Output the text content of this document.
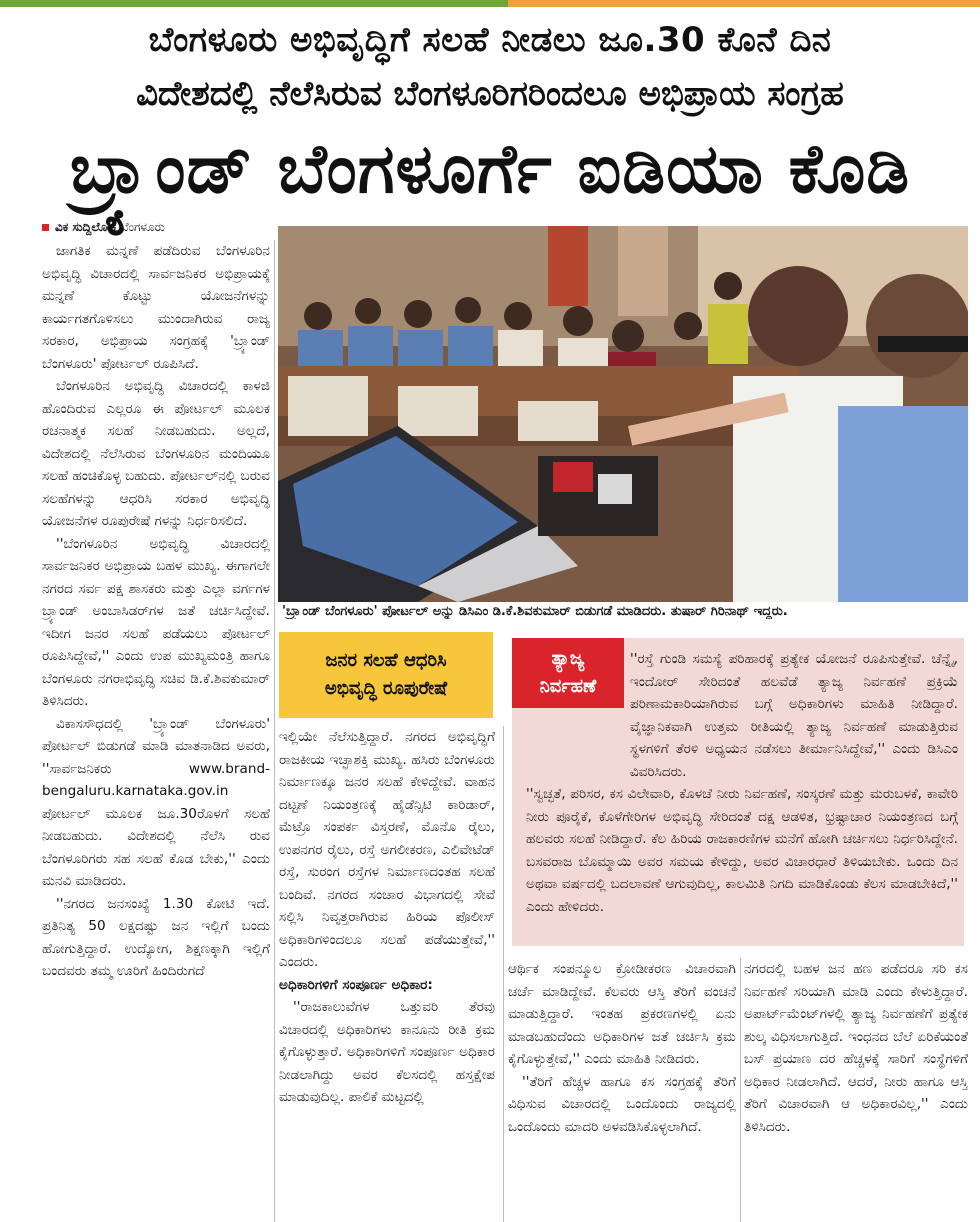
ಬೆಂಗಳೂರು ಅಭಿವೃದ್ಧಿಗೆ ಸಲಹೆ ನೀಡಲು ಜೂ.30 ಕೊನೆ ದಿನ
ವಿದೇಶದಲ್ಲಿ ನೆಲೆಸಿರುವ ಬೆಂಗಳೂರಿಗರಿಂದಲೂ ಅಭಿಪ್ರಾಯ ಸಂಗ್ರಹ
ಬ್ರ್ಯಾಂಡ್ ಬೆಂಗಳೂರ್ಗೆ ಐಡಿಯಾ ಕೊಡಿ
ವಿಕ ಸುದ್ದಿಲೋಕ ಬೆಂಗಳೂರು

ಜಾಗತಿಕ ಮನ್ನಣೆ ಪಡೆದಿರುವ ಬೆಂಗಳೂರಿನ ಅಭಿವೃದ್ಧಿ ವಿಚಾರದಲ್ಲಿ ಸಾರ್ವಜನಿಕರ ಅಭಿಪ್ರಾಯಕ್ಕೆ ಮನ್ನಣೆ ಕೊಟ್ಟು ಯೋಜನೆಗಳನ್ನು ಕಾರ್ಯಗತಗೊಳಿಸಲು ಮುಂದಾಗಿರುವ ರಾಜ್ಯ ಸರಕಾರ, ಅಭಿಪ್ರಾಯ ಸಂಗ್ರಹಕ್ಕೆ 'ಬ್ರ್ಯಾಂಡ್ ಬೆಂಗಳೂರು' ಪೋರ್ಟಲ್ ರೂಪಿಸಿದೆ.

ಬೆಂಗಳೂರಿನ ಅಭಿವೃದ್ಧಿ ವಿಚಾರದಲ್ಲಿ ಕಾಳಜಿ ಹೊಂದಿರುವ ಎಲ್ಲರೂ ಈ ಪೋರ್ಟಲ್ ಮೂಲಕ ರಚನಾತ್ಮಕ ಸಲಹೆ ನೀಡಬಹುದು. ಅಲ್ಲದೆ, ವಿದೇಶದಲ್ಲಿ ನೆಲೆಸಿರುವ ಬೆಂಗಳೂರಿನ ಮಂದಿಯೂ ಸಲಹೆ ಹಂಚಿಕೊಳ್ಳ ಬಹುದು. ಪೋರ್ಟಲ್‌ನಲ್ಲಿ ಬರುವ ಸಲಹೆಗಳನ್ನು ಆಧರಿಸಿ ಸರಕಾರ ಅಭಿವೃದ್ಧಿ ಯೋಜನೆಗಳ ರೂಪುರೇಷೆ ಗಳನ್ನು ನಿರ್ಧರಿಸಲಿದೆ.

''ಬೆಂಗಳೂರಿನ ಅಭಿವೃದ್ಧಿ ವಿಚಾರದಲ್ಲಿ ಸಾರ್ವಜನಿಕರ ಅಭಿಪ್ರಾಯ ಬಹಳ ಮುಖ್ಯ. ಈಗಾಗಲೇ ನಗರದ ಸರ್ವ ಪಕ್ಷ ಶಾಸಕರು ಮತ್ತು ಎಲ್ಲಾ ವರ್ಗಗಳ ಬ್ರ್ಯಾಂಡ್ ಅಂಬಾಸಿಡರ್‌ಗಳ ಜತೆ ಚರ್ಚಿಸಿದ್ದೇವೆ. ಇದೀಗ ಜನರ ಸಲಹೆ ಪಡೆಯಲು ಪೋರ್ಟಲ್ ರೂಪಿಸಿದ್ದೇವೆ,'' ಎಂದು ಉಪ ಮುಖ್ಯಮಂತ್ರಿ ಹಾಗೂ ಬೆಂಗಳೂರು ನಗರಾಭಿವೃದ್ಧಿ ಸಚಿವ ಡಿ.ಕೆ.ಶಿವಕುಮಾರ್ ತಿಳಿಸಿದರು.

ವಿಕಾಸಸೌಧದಲ್ಲಿ 'ಬ್ರ್ಯಾಂಡ್ ಬೆಂಗಳೂರು' ಪೋರ್ಟಲ್ ಬಿಡುಗಡೆ ಮಾಡಿ ಮಾತನಾಡಿದ ಅವರು, ''ಸಾರ್ವಜನಿಕರು www.brand-bengaluru.karnataka.gov.in ಪೋರ್ಟಲ್ ಮೂಲಕ ಜೂ.30ರೊಳಗೆ ಸಲಹೆ ನೀಡಬಹುದು. ವಿದೇಶದಲ್ಲಿ ನೆಲೆಸಿ ರುವ ಬೆಂಗಳೂರಿಗರು ಸಹ ಸಲಹೆ ಕೊಡ ಬೇಕು,'' ಎಂದು ಮನವಿ ಮಾಡಿದರು.

''ನಗರದ ಜನಸಂಖ್ಯೆ 1.30 ಕೋಟಿ ಇದೆ. ಪ್ರತಿನಿತ್ಯ 50 ಲಕ್ಷದಷ್ಟು ಜನ ಇಲ್ಲಿಗೆ ಬಂದು ಹೋಗುತ್ತಿದ್ದಾರೆ. ಉದ್ಯೋಗ, ಶಿಕ್ಷಣಕ್ಕಾಗಿ ಇಲ್ಲಿಗೆ ಬಂದವರು ತಮ್ಮ ಊರಿಗೆ ಹಿಂದಿರುಗದೆ

'ಬ್ರ್ಯಾಂಡ್ ಬೆಂಗಳೂರು' ಪೋರ್ಟಲ್ ಅನ್ನು ಡಿಸಿಎಂ ಡಿ.ಕೆ.ಶಿವಕುಮಾರ್ ಬಿಡುಗಡೆ ಮಾಡಿದರು. ತುಷಾರ್ ಗಿರಿನಾಥ್ ಇದ್ದರು.
ಜನರ ಸಲಹೆ ಆಧರಿಸಿ
ಅಭಿವೃದ್ಧಿ ರೂಪುರೇಷೆ

ಇಲ್ಲಿಯೇ ನೆಲೆಸುತ್ತಿದ್ದಾರೆ. ನಗರದ ಅಭಿವೃದ್ಧಿಗೆ ರಾಜಕೀಯ ಇಚ್ಛಾಶಕ್ತಿ ಮುಖ್ಯ. ಹಸಿರು ಬೆಂಗಳೂರು ನಿರ್ಮಾಣಕ್ಕೂ ಜನರ ಸಲಹೆ ಕೇಳಿದ್ದೇವೆ. ವಾಹನ ದಟ್ಟಣೆ ನಿಯಂತ್ರಣಕ್ಕೆ ಹೈಡೆನ್ಸಿಟಿ ಕಾರಿಡಾರ್, ಮೆಟ್ರೊ ಸಂಪರ್ಕ ವಿಸ್ತರಣೆ, ಮೊನೊ ರೈಲು, ಉಪನಗರ ರೈಲು, ರಸ್ತೆ ಅಗಲೀಕರಣ, ಎಲಿವೇಟೆಡ್ ರಸ್ತೆ, ಸುರಂಗ ರಸ್ತೆಗಳ ನಿರ್ಮಾಣದಂತಹ ಸಲಹೆ ಬಂದಿವೆ. ನಗರದ ಸಂಚಾರ ವಿಭಾಗದಲ್ಲಿ ಸೇವೆ ಸಲ್ಲಿಸಿ ನಿವೃತ್ತರಾಗಿರುವ ಹಿರಿಯ ಪೊಲೀಸ್ ಅಧಿಕಾರಿಗಳಿಂದಲೂ ಸಲಹೆ ಪಡೆಯುತ್ತೇವೆ,'' ಎಂದರು.

ಅಧಿಕಾರಿಗಳಿಗೆ ಸಂಪೂರ್ಣ ಅಧಿಕಾರ:

''ರಾಜಕಾಲುವೆಗಳ ಒತ್ತುವರಿ ತೆರವು ವಿಚಾರದಲ್ಲಿ ಅಧಿಕಾರಿಗಳು ಕಾನೂನು ರೀತಿ ಕ್ರಮ ಕೈಗೊಳ್ಳುತ್ತಾರೆ. ಅಧಿಕಾರಿಗಳಿಗೆ ಸಂಪೂರ್ಣ ಅಧಿಕಾರ ನೀಡಲಾಗಿದ್ದು ಅವರ ಕೆಲಸದಲ್ಲಿ ಹಸ್ತಕ್ಷೇಪ ಮಾಡುವುದಿಲ್ಲ. ಪಾಲಿಕೆ ಮಟ್ಟದಲ್ಲಿ

ತ್ಯಾಜ್ಯ
ನಿರ್ವಹಣೆ

''ರಸ್ತೆ ಗುಂಡಿ ಸಮಸ್ಯೆ ಪರಿಹಾರಕ್ಕೆ ಪ್ರತ್ಯೇಕ ಯೋಜನೆ ರೂಪಿಸುತ್ತೇವೆ. ಚೆನ್ನೈ, ಇಂದೋರ್ ಸೇರಿದಂತೆ ಹಲವೆಡೆ ತ್ಯಾಜ್ಯ ನಿರ್ವಹಣೆ ಪ್ರಕ್ರಿಯೆ ಪರಿಣಾಮಕಾರಿಯಾಗಿರುವ ಬಗ್ಗೆ ಅಧಿಕಾರಿಗಳು ಮಾಹಿತಿ ನೀಡಿದ್ದಾರೆ. ವೈಜ್ಞಾನಿಕವಾಗಿ ಉತ್ತಮ ರೀತಿಯಲ್ಲಿ ತ್ಯಾಜ್ಯ ನಿರ್ವಹಣೆ ಮಾಡುತ್ತಿರುವ ಸ್ಥಳಗಳಿಗೆ ತೆರಳಿ ಅಧ್ಯಯನ ನಡೆಸಲು ತೀರ್ಮಾನಿಸಿದ್ದೇವೆ,'' ಎಂದು ಡಿಸಿಎಂ ವಿವರಿಸಿದರು.

''ಸ್ವಚ್ಛತೆ, ಪರಿಸರ, ಕಸ ವಿಲೇವಾರಿ, ಕೊಳಚೆ ನೀರು ನಿರ್ವಹಣೆ, ಸಂಸ್ಕರಣೆ ಮತ್ತು ಮರುಬಳಕೆ, ಕಾವೇರಿ ನೀರು ಪೂರೈಕೆ, ಕೊಳೆಗೇರಿಗಳ ಅಭಿವೃದ್ಧಿ ಸೇರಿದಂತೆ ದಕ್ಷ ಆಡಳಿತ, ಭ್ರಷ್ಟಾಚಾರ ನಿಯಂತ್ರಣದ ಬಗ್ಗೆ ಹಲವರು ಸಲಹೆ ನೀಡಿದ್ದಾರೆ. ಕೆಲ ಹಿರಿಯ ರಾಜಕಾರಣಿಗಳ ಮನೆಗೆ ಹೋಗಿ ಚರ್ಚಿಸಲು ನಿರ್ಧರಿಸಿದ್ದೇನೆ. ಬಸವರಾಜ ಬೊಮ್ಮಾಯಿ ಅವರ ಸಮಯ ಕೇಳಿದ್ದು, ಅವರ ವಿಚಾರಧಾರೆ ತಿಳಿಯಬೇಕು. ಒಂದು ದಿನ ಅಥವಾ ವರ್ಷದಲ್ಲಿ ಬದಲಾವಣೆ ಆಗುವುದಿಲ್ಲ, ಕಾಲಮಿತಿ ನಿಗದಿ ಮಾಡಿಕೊಂಡು ಕೆಲಸ ಮಾಡಬೇಕಿದೆ,'' ಎಂದು ಹೇಳಿದರು.

ಆರ್ಥಿಕ ಸಂಪನ್ಮೂಲ ಕ್ರೋಡೀಕರಣ ವಿಚಾರವಾಗಿ ಚರ್ಚೆ ಮಾಡಿದ್ದೇವೆ. ಕೆಲವರು ಆಸ್ತಿ ತೆರಿಗೆ ವಂಚನೆ ಮಾಡುತ್ತಿದ್ದಾರೆ. ಇಂತಹ ಪ್ರಕರಣಗಳಲ್ಲಿ ಏನು ಮಾಡಬಹುದೆಂದು ಅಧಿಕಾರಿಗಳ ಜತೆ ಚರ್ಚಿಸಿ ಕ್ರಮ ಕೈಗೊಳ್ಳುತ್ತೇವೆ,'' ಎಂದು ಮಾಹಿತಿ ನೀಡಿದರು.

''ತೆರಿಗೆ ಹೆಚ್ಚಳ ಹಾಗೂ ಕಸ ಸಂಗ್ರಹಕ್ಕೆ ತೆರಿಗೆ ವಿಧಿಸುವ ವಿಚಾರದಲ್ಲಿ ಒಂದೊಂದು ರಾಜ್ಯದಲ್ಲಿ ಒಂದೊಂದು ಮಾದರಿ ಅಳವಡಿಸಿಕೊಳ್ಳಲಾಗಿದೆ.

ನಗರದಲ್ಲಿ ಬಹಳ ಜನ ಹಣ ಪಡೆದರೂ ಸರಿ ಕಸ ನಿರ್ವಹಣೆ ಸರಿಯಾಗಿ ಮಾಡಿ ಎಂದು ಕೇಳುತ್ತಿದ್ದಾರೆ. ಅಪಾರ್ಟ್‌ಮೆಂಟ್‌ಗಳಲ್ಲಿ ತ್ಯಾಜ್ಯ ನಿರ್ವಹಣೆಗೆ ಪ್ರತ್ಯೇಕ ಶುಲ್ಕ ವಿಧಿಸಲಾಗುತ್ತಿದೆ. ಇಂಧನದ ಬೆಲೆ ಏರಿಕೆಯಂತೆ ಬಸ್ ಪ್ರಯಾಣ ದರ ಹೆಚ್ಚಳಕ್ಕೆ ಸಾರಿಗೆ ಸಂಸ್ಥೆಗಳಿಗೆ ಅಧಿಕಾರ ನೀಡಲಾಗಿದೆ. ಆದರೆ, ನೀರು ಹಾಗೂ ಆಸ್ತಿ ತೆರಿಗೆ ವಿಚಾರವಾಗಿ ಆ ಅಧಿಕಾರವಿಲ್ಲ,'' ಎಂದು ತಿಳಿಸಿದರು.
